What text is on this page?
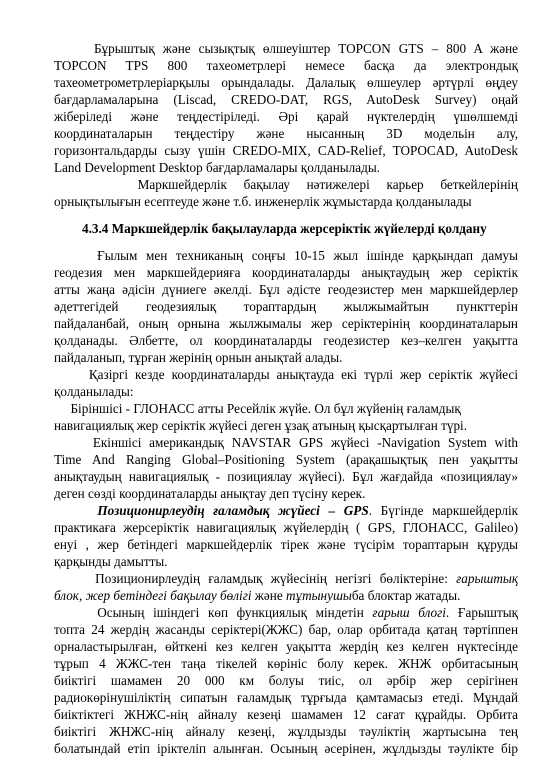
Бұрыштық және сызықтық өлшеуіштер TOPCON GTS – 800 A және
TOPCON TPS 800 тахеометрлері немесе басқа да электрондық
тахеометрометрлеріарқылы орындалады. Далалық өлшеулер әртүрлі өңдеу
бағдарламаларына (Liscad, CREDO-DAT, RGS, AutoDesk Survey) оңай
жіберіледі және теңдестіріледі. Әрі қарай нүктелердің үшөлшемді
координаталарын теңдестіру және нысанның 3D модельін алу,
горизонтальдарды сызу үшін CREDO-MIX, CAD-Relief, TOPOCAD, AutoDesk
Land Development Desktop бағдарламалары қолданылады.
Маркшейдерлік бақылау нәтижелері карьер беткейлерінің
орнықтылығын есептеуде және т.б. инженерлік жұмыстарда қолданылады
4.3.4 Маркшейдерлік бақылауларда жерсеріктік жүйелерді қолдану
Ғылым мен техниканың соңғы 10-15 жыл ішінде қарқындап дамуы
геодезия мен маркшейдерияға координаталарды анықтаудың жер серіктік
атты жаңа әдісін дүниеге әкелді. Бұл әдісте геодезистер мен маркшейдерлер
әдеттегідей геодезиялық тораптардың жылжымайтын пункттерін
пайдаланбай, оның орнына жылжымалы жер серіктерінің координаталарын
қолданады. Әлбетте, ол координаталарды геодезистер кез–келген уақытта
пайдаланып, тұрған жерінің орнын анықтай алады.
Қазіргі кезде координаталарды анықтауда екі түрлі жер серіктік жүйесі
қолданылады:
Біріншісі - ГЛОНАСС атты Ресейлік жүйе. Ол бұл жүйенің ғаламдық
навигациялық жер серіктік жүйесі деген ұзақ атының қысқартылған түрі.
Екіншісі американдық NAVSTAR GPS жүйесі -Navigation System with
Time And Ranging Global–Positioning System (арақашықтық пен уақытты
анықтаудың навигациялық - позициялау жүйесі). Бұл жағдайда «позициялау»
деген сөзді координаталарды анықтау деп түсіну керек.
Позиционирлеудің ғаламдық жүйесі – GPS. Бүгінде маркшейдерлік
практикаға жерсеріктік навигациялық жүйелердің ( GPS, ГЛОНАСС, Galileo)
енуі , жер бетіндегі маркшейдерлік тірек және түсірім тораптарын құруды
қарқынды дамытты.
Позиционирлеудің ғаламдық жүйесінің негізгі бөліктеріне: ғарыштық
блок, жер бетіндегі бақылау бөлігі және тұтынушыба блоктар жатады.
Осының ішіндегі көп функциялық міндетін ғарыш блогі. Ғарыштық
топта 24 жердің жасанды серіктері(ЖЖС) бар, олар орбитада қатаң тәртіппен
орналастырылған, өйткені кез келген уақытта жердің кез келген нүктесінде
тұрып 4 ЖЖС-тен таңа тікелей көрініс болу керек. ЖНЖ орбитасының
биіктігі шамамен 20 000 км болуы тиіс, ол әрбір жер серігінен
радиокөрінушіліктің сипатын ғаламдық тұрғыда қамтамасыз етеді. Мұндай
биіктіктегі ЖНЖС-нің айналу кезеңі шамамен 12 сағат құрайды. Орбита
биіктігі ЖНЖС-нің айналу кезеңі, жұлдызды тәуліктің жартысына тең
болатындай етіп іріктеліп алынған. Осының әсерінен, жұлдызды тәулікте бір
